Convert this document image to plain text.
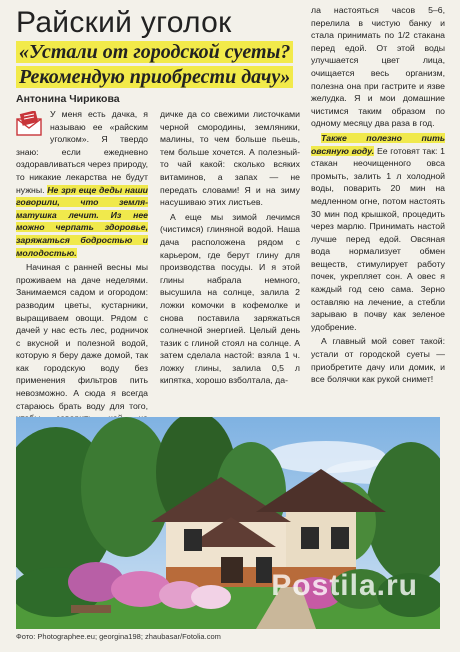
Райский уголок
«Устали от городской суеты?
Рекомендую приобрести дачу»
Антонина Чирикова

У меня есть дачка, я называю ее «райским уголком». Я твердо знаю: если ежедневно оздоравливаться через природу, то никакие лекарства не будут нужны. Не зря еще деды наши говорили, что земля-матушка лечит. Из нее можно черпать здоровье, заряжаться бодростью и молодостью.

Начиная с ранней весны мы проживаем на даче неделями. Занимаемся садом и огородом: разводим цветы, кустарники, выращиваем овощи. Рядом с дачей у нас есть лес, родничок с вкусной и полезной водой, которую я беру даже домой, так как городскую воду без применения фильтров пить невозможно. А сюда я всегда стараюсь брать воду для того,

дичке да со свежими листочками черной смородины, земляники, малины, то чем больше пьешь, тем больше хочется. А полезный-то чай какой: сколько всяких витаминов, а запах — не передать словами! Я и на зиму насушиваю этих листьев.

А еще мы зимой лечимся (чистимся) глиняной водой. Наша дача расположена рядом с карьером, где берут глину для производства посуды. И я этой глины набрала немного, высушила на солнце, залила 2 ложки комочки в кофемолке и снова поставила заряжаться солнечной энергией. Целый день тазик с глиной стоял на солнце. А затем сделала настой: взяла 1 ч. ложку глины, залила 0,5 л кипятка, хорошо взболтала, да-

ла настояться часов 5–6, перелила в чистую банку и стала принимать по 1/2 стакана перед едой. От этой воды улучшается цвет лица, очищается весь организм, полезна она при гастрите и язве желудка. Я и мои домашние чистимся таким образом по одному месяцу два раза в год.

Также полезно пить овсяную воду. Ее готовят так: 1 стакан неочищенного овса промыть, залить 1 л холодной воды, поварить 20 мин на медленном огне, потом настоять 30 мин под крышкой, процедить через марлю. Принимать настой лучше перед едой. Овсяная вода нормализует обмен веществ, стимулирует работу почек, укрепляет сон. А овес я каждый год сею сама. Зерно оставляю на лечение, а стебли зарываю в почву как зеленое удобрение.

А главный мой совет такой: устали от городской суеты — приобретите дачу или домик, и все болячки как рукой снимет!

Postila.ru
Фото: Photographee.eu; georgina198; zhaubasar/Fotolia.com
